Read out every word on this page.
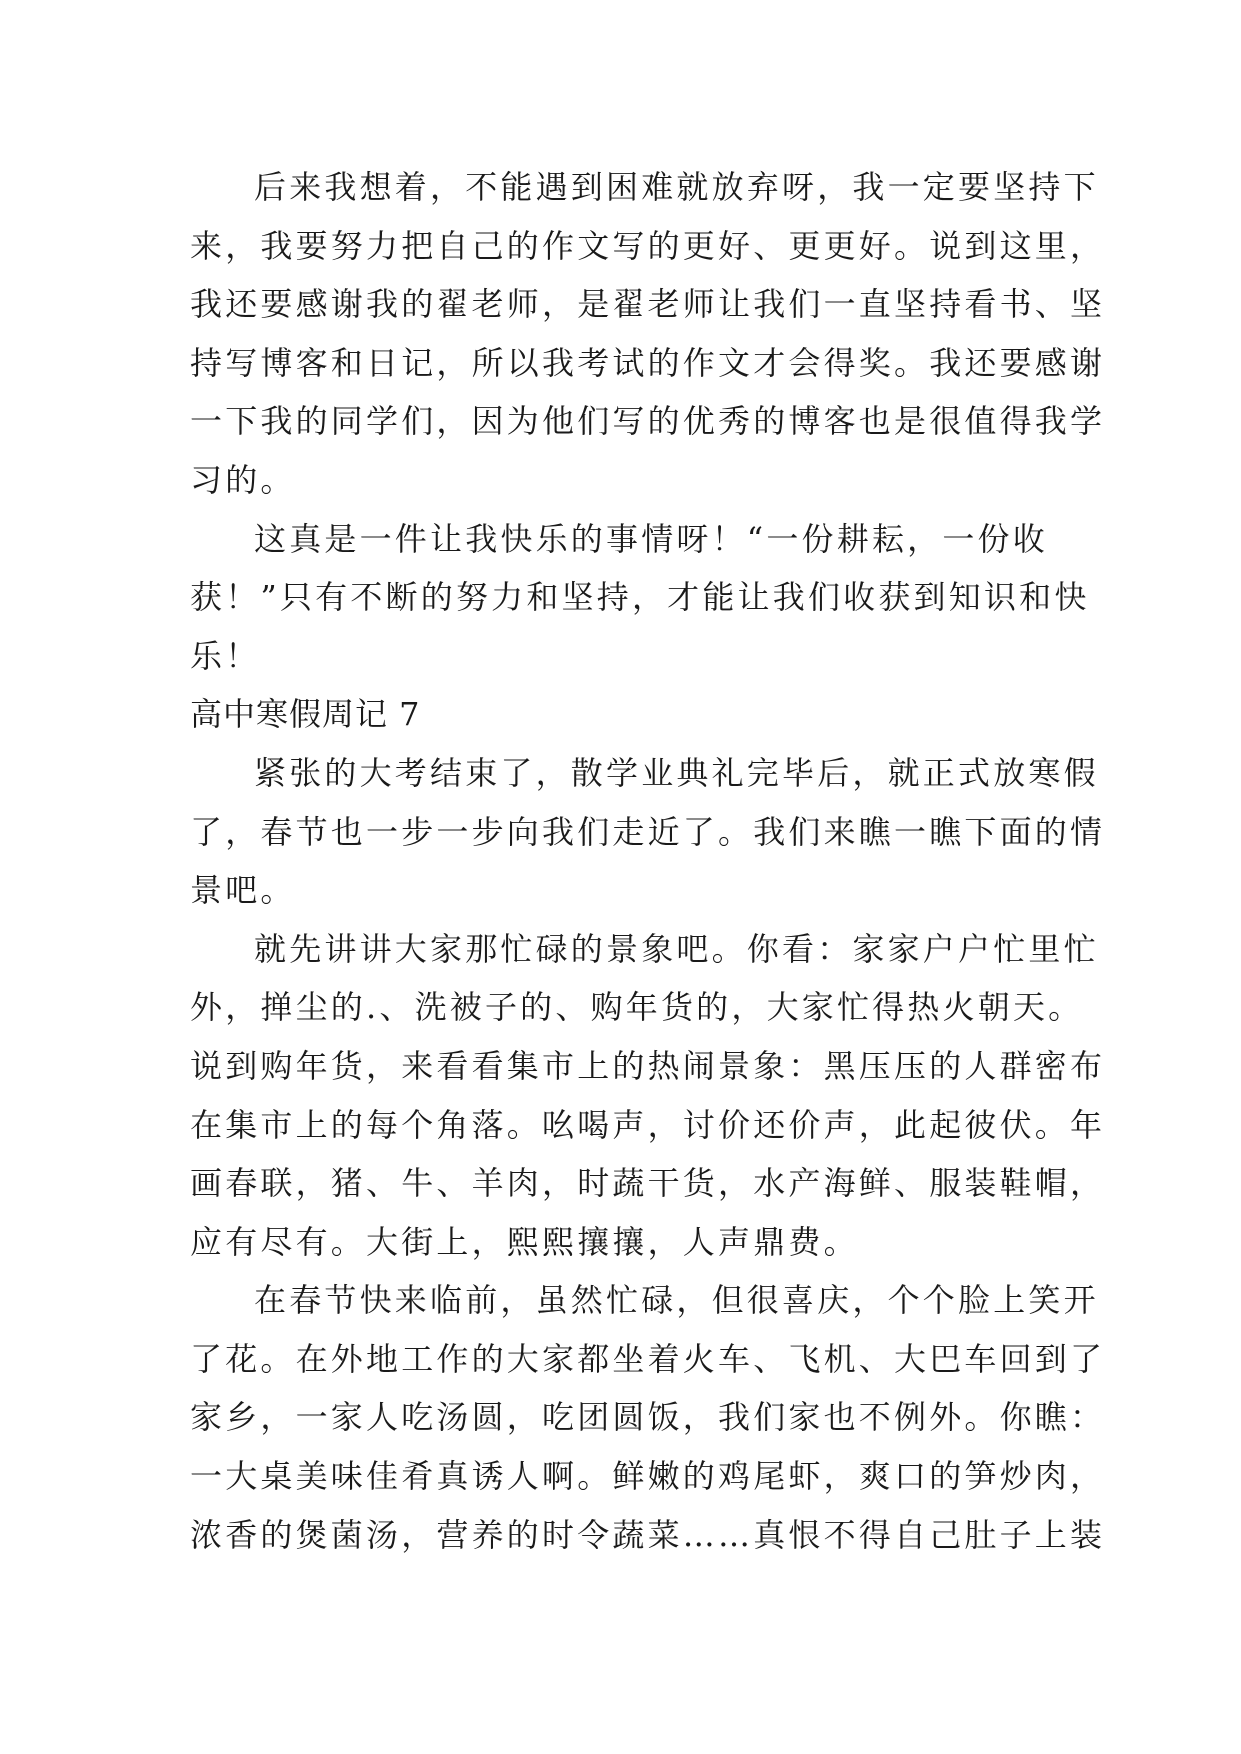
后来我想着，不能遇到困难就放弃呀，我一定要坚持下
来，我要努力把自己的作文写的更好、更更好。说到这里，
我还要感谢我的翟老师，是翟老师让我们一直坚持看书、坚
持写博客和日记，所以我考试的作文才会得奖。我还要感谢
一下我的同学们，因为他们写的优秀的博客也是很值得我学
习的。
这真是一件让我快乐的事情呀！“一份耕耘，一份收
获！”只有不断的努力和坚持，才能让我们收获到知识和快
乐！
高中寒假周记 7
紧张的大考结束了，散学业典礼完毕后，就正式放寒假
了，春节也一步一步向我们走近了。我们来瞧一瞧下面的情
景吧。
就先讲讲大家那忙碌的景象吧。你看：家家户户忙里忙
外，掸尘的.、洗被子的、购年货的，大家忙得热火朝天。
说到购年货，来看看集市上的热闹景象：黑压压的人群密布
在集市上的每个角落。吆喝声，讨价还价声，此起彼伏。年
画春联，猪、牛、羊肉，时蔬干货，水产海鲜、服装鞋帽，
应有尽有。大街上，熙熙攘攘，人声鼎费。
在春节快来临前，虽然忙碌，但很喜庆，个个脸上笑开
了花。在外地工作的大家都坐着火车、飞机、大巴车回到了
家乡，一家人吃汤圆，吃团圆饭，我们家也不例外。你瞧：
一大桌美味佳肴真诱人啊。鲜嫩的鸡尾虾，爽口的笋炒肉，
浓香的煲菌汤，营养的时令蔬菜……真恨不得自己肚子上装
